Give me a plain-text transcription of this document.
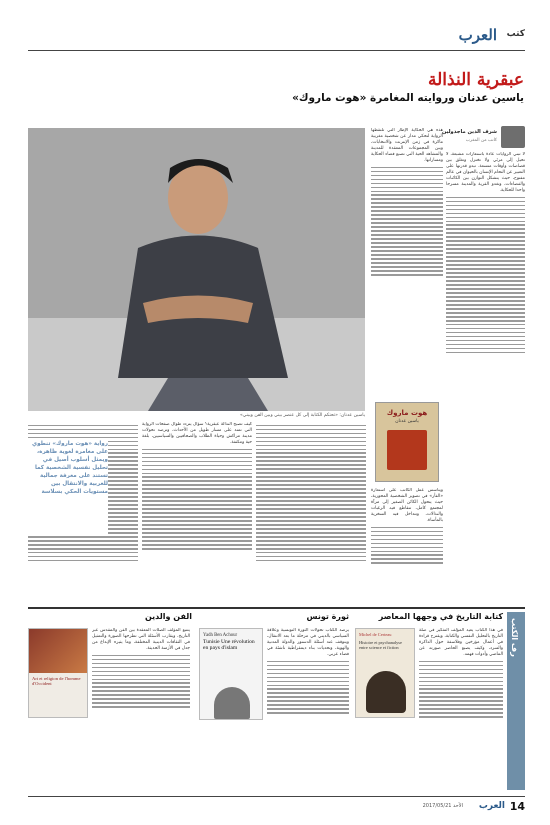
العرب كتب
عبقرية النذالة
ياسين عدنان وروايته المغامرة «هوت ماروك»
ياسين عدنان: «تحتكم الكتابة إلى كل عنصر بيني وبين الفن وبيني»
شرف الدين ماجدولين
كاتب من المغرب

لا تبني الروايات عادة باستعارات مشبعة، لا تحيل إلى مرئي ولا تختزل وتغلق بين قصاصات وأوقات متسعة. تبدو قدرتها على التعبير عن التحام الإنسان بالحيوان في عالم مفتوح، حيث يتشكل التوازن بين الكائنات والفضاءات، وتغدو القرية والمدينة مسرحا واحدا للحكاية.

هذه هي الحكاية الإطار التي تلتقطها الرواية لتحكي مدار عن شخصية مغربية ماكرة في زمن الإنترنت والانتخابات، وبين المجموعات المعقدة للمدينة والمشاهد الحية التي تصنع فضاء الحكاية ومساراتها.

هوت ماروك
ياسين عدنان

ويتأسس عمل الكاتب على استعارة «الفأر» في تصوير الشخصية المحورية، حيث يتحول الكائن الصغير إلى مرآة لمجتمع كامل، تتقاطع فيه الرغبات والنذالات، وتتداخل فيه السخرية بالمأساة.

كيف تصبح النذالة عبقرية؟ سؤال يتردد طوال صفحات الرواية التي تمتد على مسار طويل من الأحداث، وترصد تحولات مدينة مراكش وحياة الطلاب والصحافيين والسياسيين، بلغة حية ومكثفة.

رواية «هوت ماروك» تنطوي على مغامرة لغوية ظاهرة، ويمثل أسلوب أصيل في تحليل نفسية الشخصية كما تستند على معرفة جمالية للعربية والانتقال بين مستويات الحكي بسلاسة
رف الكتب
كتابة التاريخ في وجهها المعاصر
Michel de Certeau
Histoire et psychanalyse entre science et fiction

في هذا الكتاب يعيد المؤلف التفكير في صلة التاريخ بالتحليل النفسي والكتابة، ويقترح قراءة في أعمال مؤرخين وفلاسفة حول الذاكرة والسرد، وكيف يصنع الحاضر صورته عن الماضي وأدوات فهمه.

ثورة تونس
Yadh Ben Achour
Tunisie Une révolution en pays d'islam

يرصد الكتاب تحولات الثورة التونسية وعلاقة السياسي بالديني في مرحلة ما بعد الانتقال، ويتوقف عند أسئلة الدستور والدولة المدنية والهوية، وتحديات بناء ديمقراطية ناشئة في فضاء عربي.

الفن والدين
Art et religion de l'homme d'Occident

يتتبع المؤلف الصلات المعقدة بين الفن والمقدس عبر التاريخ، ويقارب الأسئلة التي تطرحها الصورة والتمثيل في الثقافات الدينية المختلفة، وما يثيره الإبداع من جدل في الأزمنة الحديثة.

14
العرب
الأحد 2017/05/21
